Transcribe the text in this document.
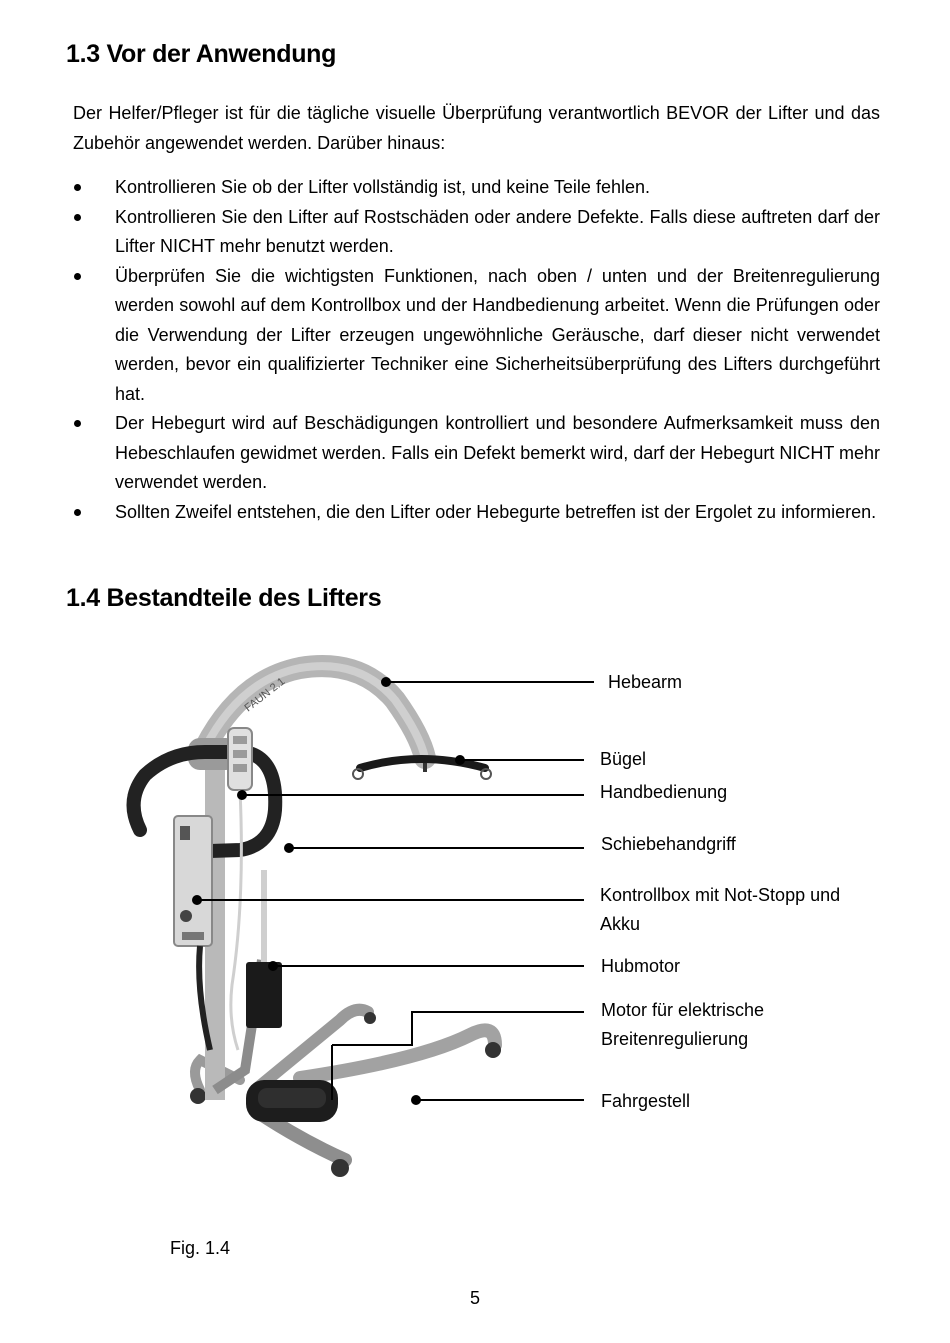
1.3 Vor der Anwendung

Der Helfer/Pfleger ist für die tägliche visuelle Überprüfung verantwortlich BEVOR der Lifter und das Zubehör angewendet werden. Darüber hinaus:

Kontrollieren Sie ob der Lifter vollständig ist, und keine Teile fehlen.
Kontrollieren Sie den Lifter auf Rostschäden oder andere Defekte. Falls diese auftreten darf der Lifter NICHT mehr benutzt werden.
Überprüfen Sie die wichtigsten Funktionen, nach oben / unten und der Breitenregulierung werden sowohl auf dem Kontrollbox und der Handbedienung arbeitet. Wenn die Prüfungen oder die Verwendung der Lifter erzeugen ungewöhnliche Geräusche, darf dieser nicht verwendet werden, bevor ein qualifizierter Techniker eine Sicherheitsüberprüfung des Lifters durchgeführt hat.
Der Hebegurt wird auf Beschädigungen kontrolliert und besondere Aufmerksamkeit muss den Hebeschlaufen gewidmet werden. Falls ein Defekt bemerkt wird, darf der Hebegurt NICHT mehr verwendet werden.
Sollten Zweifel entstehen, die den Lifter oder Hebegurte betreffen ist der Ergolet zu informieren.
1.4 Bestandteile des Lifters
FAUN 2.1	Hebearm
Bügel
Handbedienung
Schiebehandgriff
Kontrollbox mit Not-Stopp und
Akku
Hubmotor
Motor für elektrische
Breitenregulierung
Fahrgestell
Fig. 1.4
5
